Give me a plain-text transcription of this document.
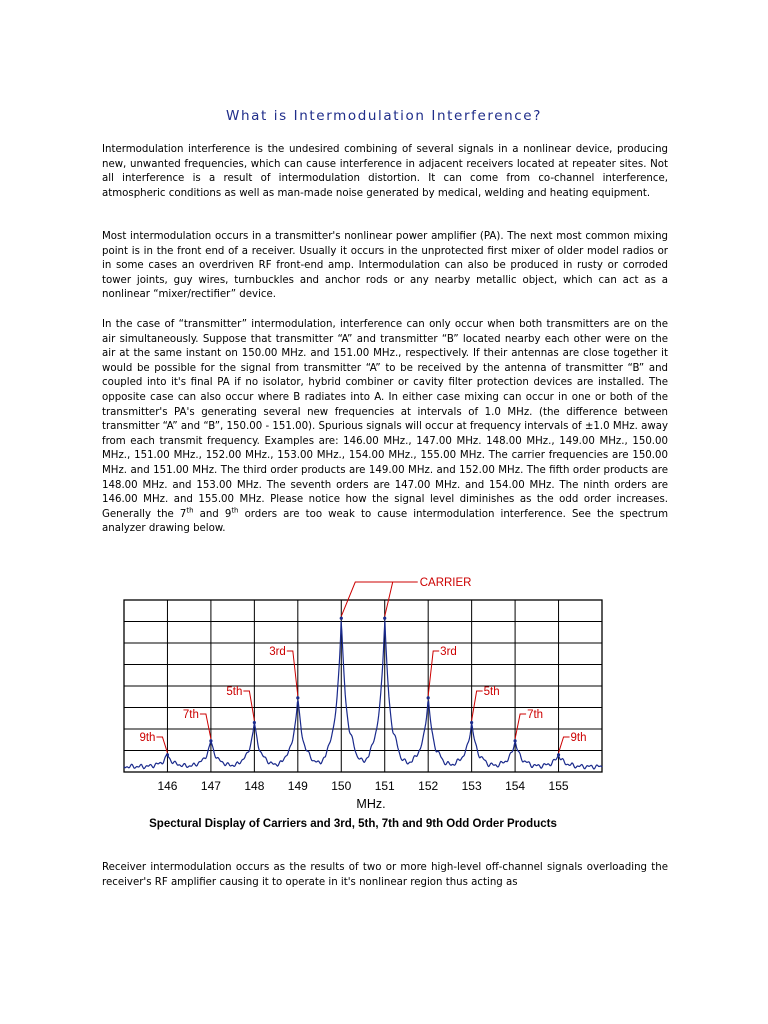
What is Intermodulation Interference?

Intermodulation interference is the undesired combining of several signals in a nonlinear device, producing new, unwanted frequencies, which can cause interference in adjacent receivers located at repeater sites. Not all interference is a result of intermodulation distortion. It can come from co-channel interference, atmospheric conditions as well as man-made noise generated by medical, welding and heating equipment.

Most intermodulation occurs in a transmitter's nonlinear power amplifier (PA). The next most common mixing point is in the front end of a receiver. Usually it occurs in the unprotected first mixer of older model radios or in some cases an overdriven RF front-end amp. Intermodulation can also be produced in rusty or corroded tower joints, guy wires, turnbuckles and anchor rods or any nearby metallic object, which can act as a nonlinear “mixer/rectifier” device.

In the case of “transmitter” intermodulation, interference can only occur when both transmitters are on the air simultaneously. Suppose that transmitter “A” and transmitter “B” located nearby each other were on the air at the same instant on 150.00 MHz. and 151.00 MHz., respectively. If their antennas are close together it would be possible for the signal from transmitter “A” to be received by the antenna of transmitter “B” and coupled into it's final PA if no isolator, hybrid combiner or cavity filter protection devices are installed. The opposite case can also occur where B radiates into A. In either case mixing can occur in one or both of the transmitter's PA's generating several new frequencies at intervals of 1.0 MHz. (the difference between transmitter “A” and “B”, 150.00 - 151.00). Spurious signals will occur at frequency intervals of ±1.0 MHz. away from each transmit frequency. Examples are: 146.00 MHz., 147.00 MHz. 148.00 MHz., 149.00 MHz., 150.00 MHz., 151.00 MHz., 152.00 MHz., 153.00 MHz., 154.00 MHz., 155.00 MHz. The carrier frequencies are 150.00 MHz. and 151.00 MHz. The third order products are 149.00 MHz. and 152.00 MHz. The fifth order products are 148.00 MHz. and 153.00 MHz. The seventh orders are 147.00 MHz. and 154.00 MHz. The ninth orders are 146.00 MHz. and 155.00 MHz. Please notice how the signal level diminishes as the odd order increases. Generally the 7th and 9th orders are too weak to cause intermodulation interference. See the spectrum analyzer drawing below.

9th
7th
5th
3rd	3rd
5th
7th
9th
CARRIER
146 147 148 149 150 151 152 153 154 155
MHz.
Spectural Display of Carriers and 3rd, 5th, 7th and 9th Odd Order Products

Receiver intermodulation occurs as the results of two or more high-level off-channel signals overloading the receiver's RF amplifier causing it to operate in it's nonlinear region thus acting as
